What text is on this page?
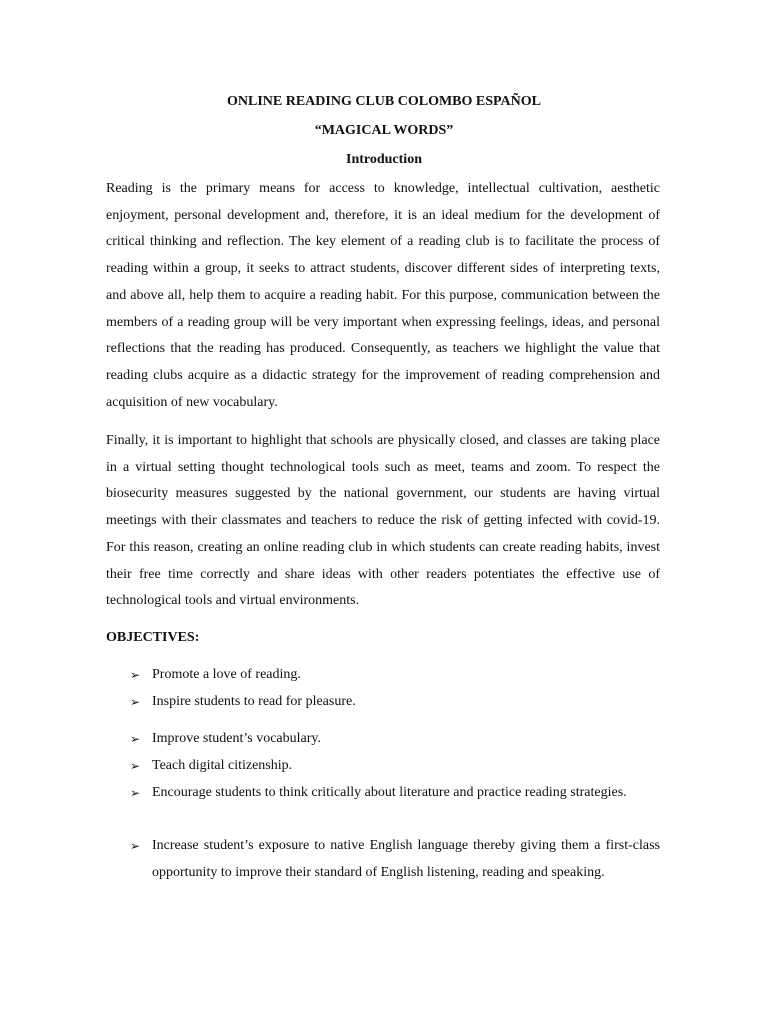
ONLINE READING CLUB COLOMBO ESPAÑOL
“MAGICAL WORDS”
Introduction

Reading is the primary means for access to knowledge, intellectual cultivation, aesthetic enjoyment, personal development and, therefore, it is an ideal medium for the development of critical thinking and reflection. The key element of a reading club is to facilitate the process of reading within a group, it seeks to attract students, discover different sides of interpreting texts, and above all, help them to acquire a reading habit. For this purpose, communication between the members of a reading group will be very important when expressing feelings, ideas, and personal reflections that the reading has produced. Consequently, as teachers we highlight the value that reading clubs acquire as a didactic strategy for the improvement of reading comprehension and acquisition of new vocabulary.

Finally, it is important to highlight that schools are physically closed, and classes are taking place in a virtual setting thought technological tools such as meet, teams and zoom. To respect the biosecurity measures suggested by the national government, our students are having virtual meetings with their classmates and teachers to reduce the risk of getting infected with covid-19. For this reason, creating an online reading club in which students can create reading habits, invest their free time correctly and share ideas with other readers potentiates the effective use of technological tools and virtual environments.

OBJECTIVES:
➢ Promote a love of reading.
➢ Inspire students to read for pleasure.
➢ Improve student’s vocabulary.
➢ Teach digital citizenship.
➢ Encourage students to think critically about literature and practice reading strategies.
➢ Increase student’s exposure to native English language thereby giving them a first-class opportunity to improve their standard of English listening, reading and speaking.
